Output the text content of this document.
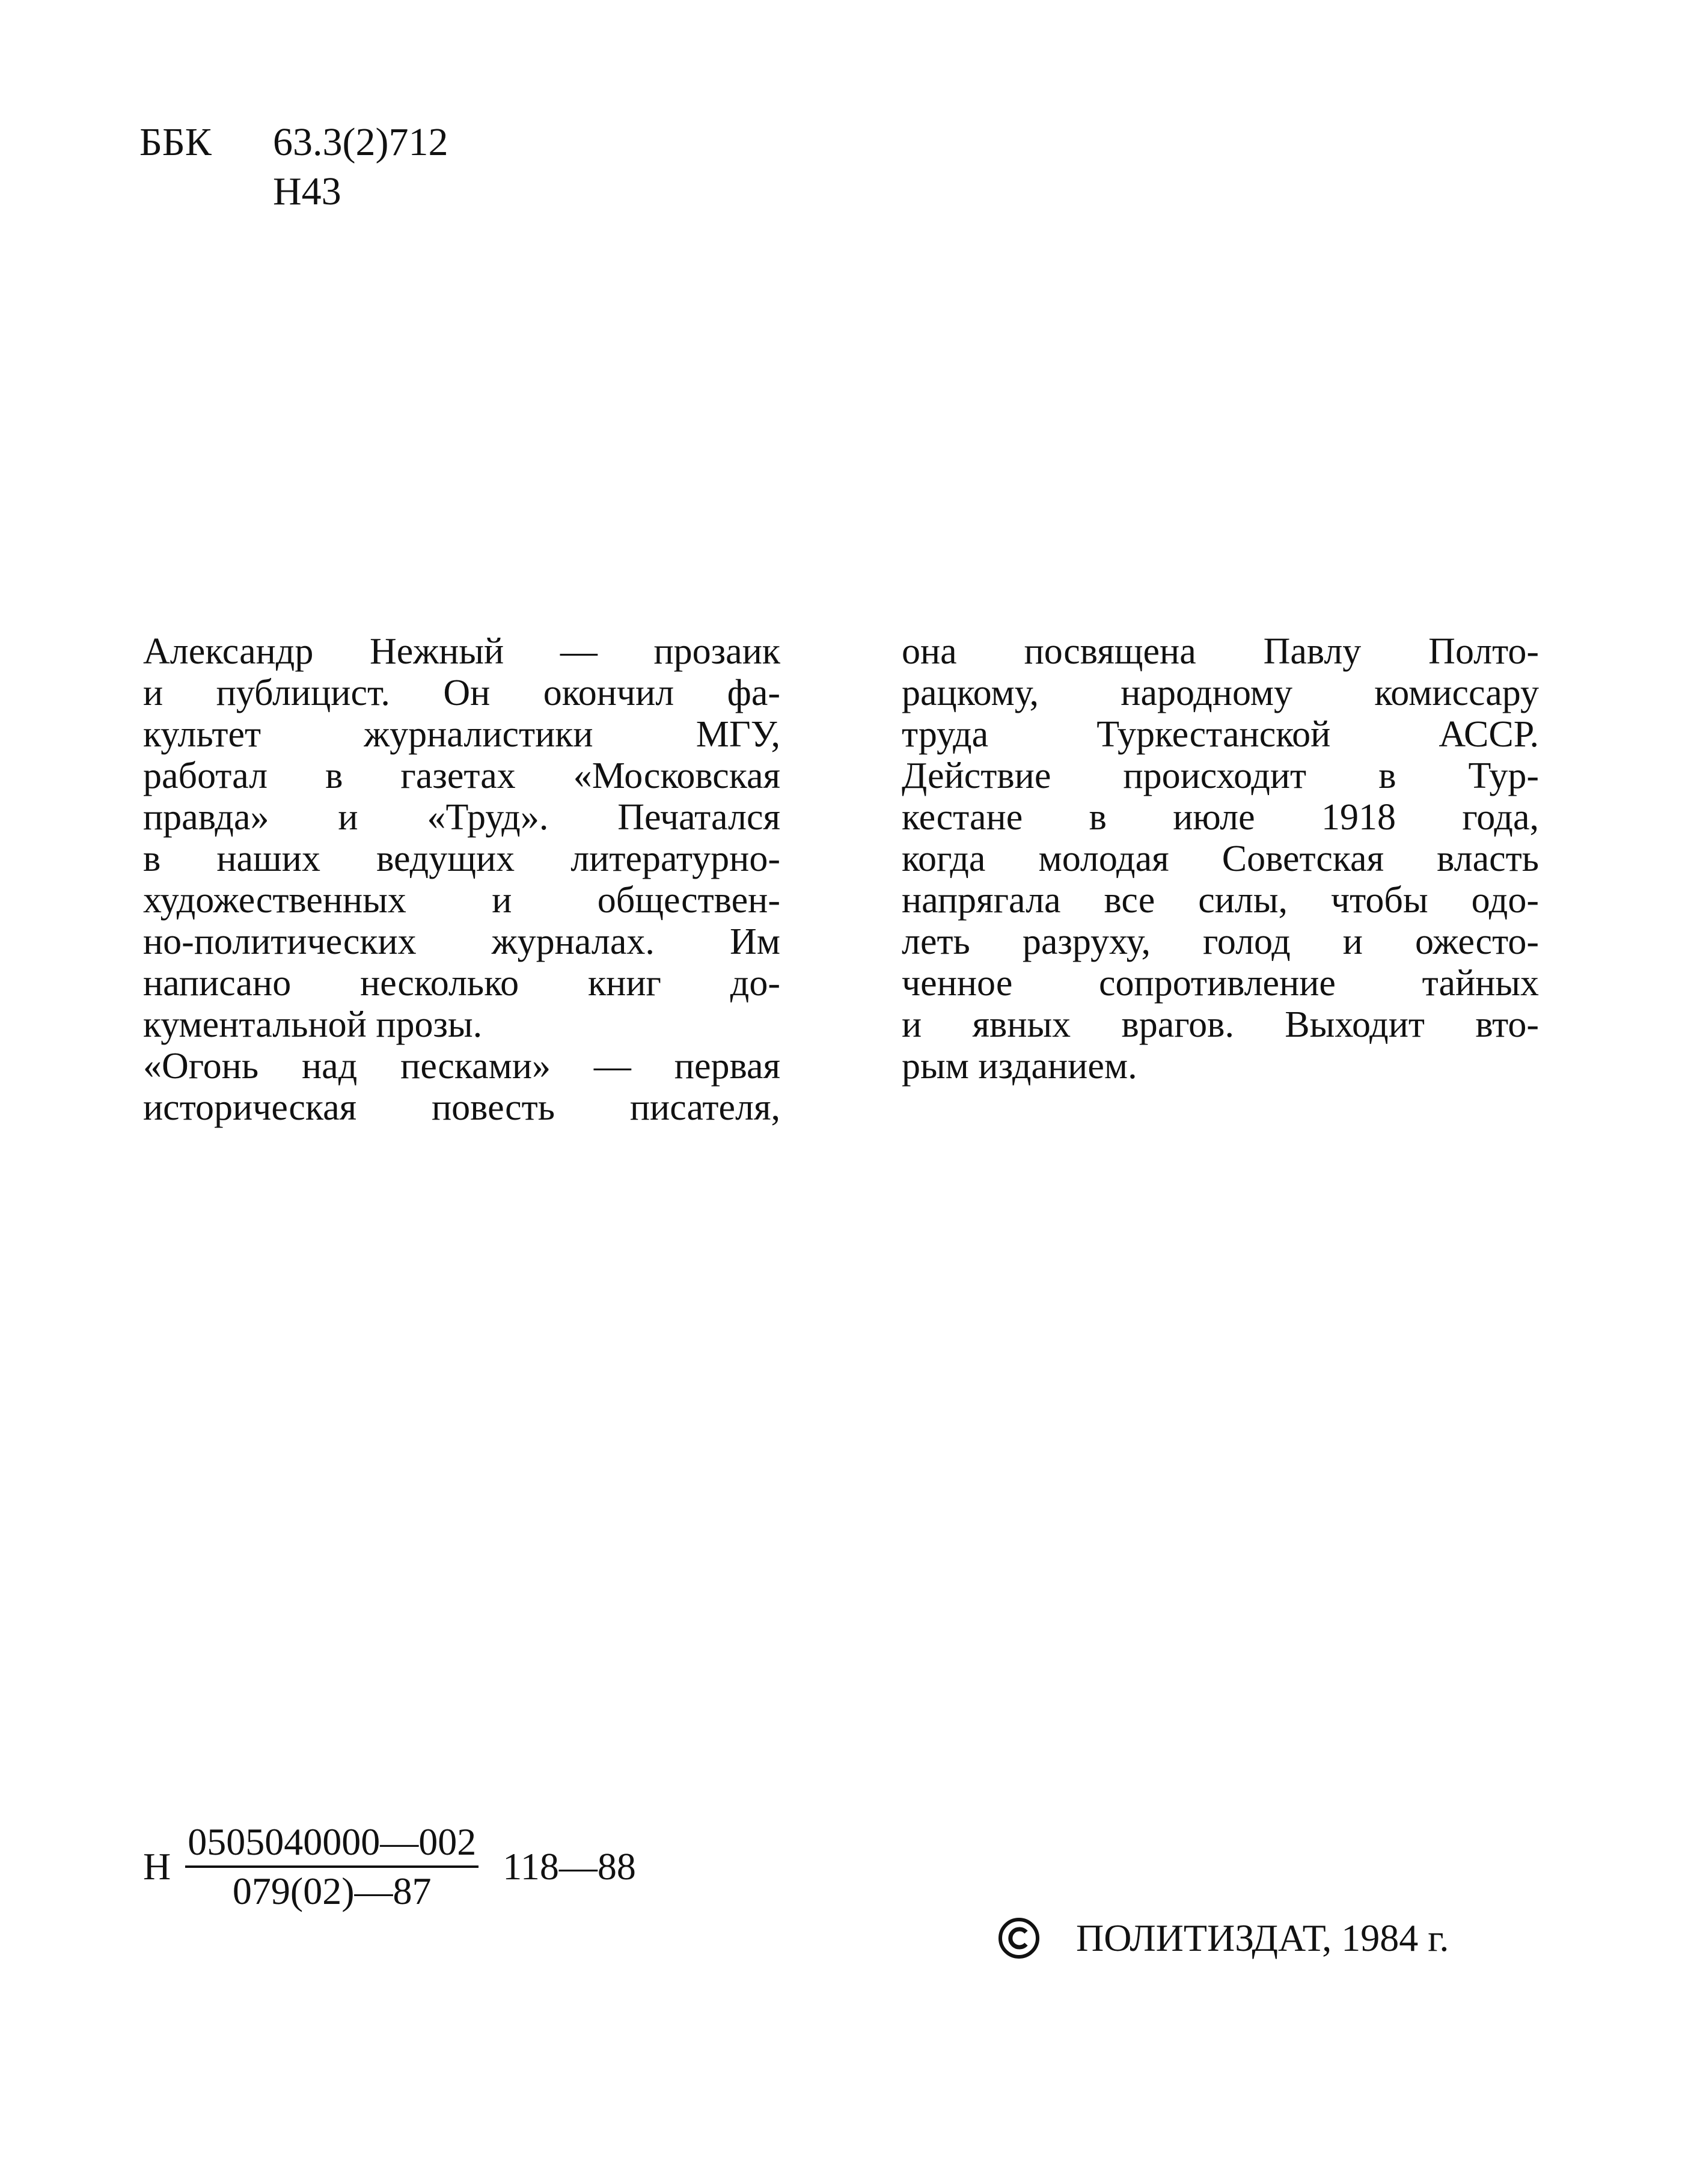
ББК	63.3(2)712
Н43
Александр Нежный — прозаик
и публицист. Он окончил фа-
культет журналистики МГУ,
работал в газетах «Московская
правда» и «Труд». Печатался
в наших ведущих литературно-
художественных и обществен-
но-политических журналах. Им
написано несколько книг до-
кументальной прозы.
«Огонь над песками» — первая
историческая повесть писателя,
она посвящена Павлу Полто-
рацкому, народному комиссару
труда Туркестанской АССР.
Действие происходит в Тур-
кестане в июле 1918 года,
когда молодая Советская власть
напрягала все силы, чтобы одо-
леть разруху, голод и ожесто-
ченное сопротивление тайных
и явных врагов. Выходит вто-
рым изданием.
Н $\frac{0505040000—002}{079(02)—87}$ 118—88
ПОЛИТИЗДАТ, 1984 г.
